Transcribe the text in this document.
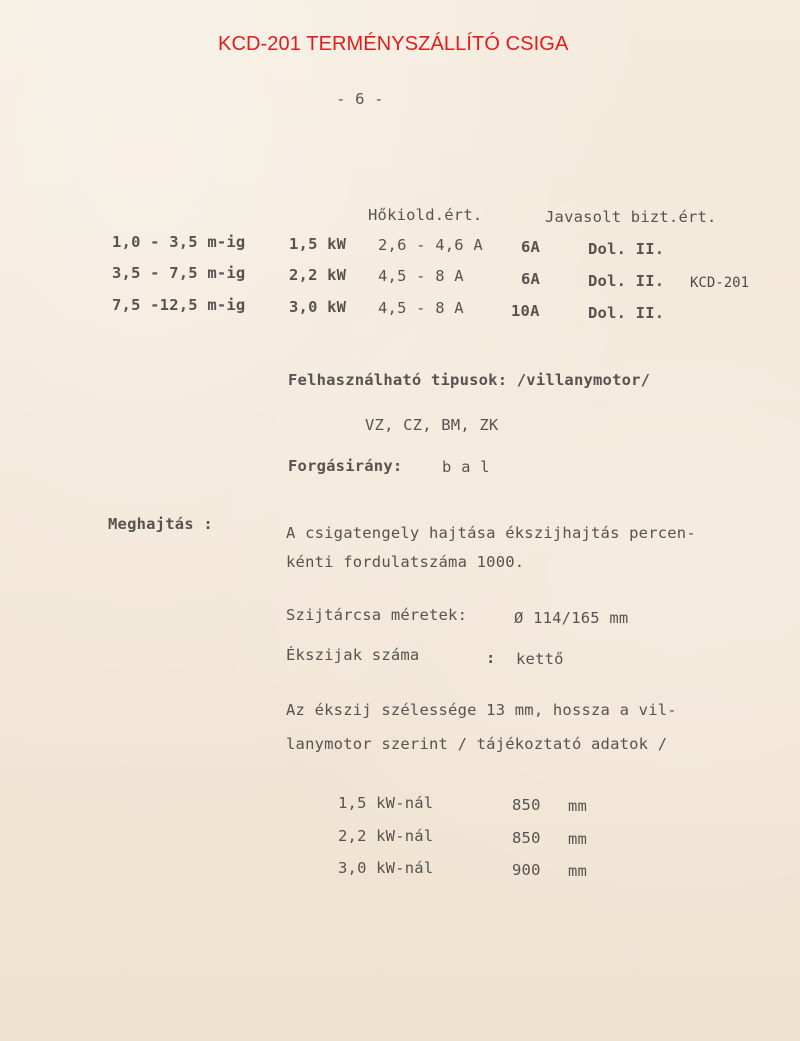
KCD-201 TERMÉNYSZÁLLÍTÓ CSIGA
- 6 -
Hőkiold.ért.	Javasolt bizt.ért.
1,0 - 3,5 m-ig	1,5 kW 2,6 - 4,6 A 6A	Dol. II.
3,5 - 7,5 m-ig	2,2 kW 4,5 - 8 A	6A	Dol. II. KCD-201
7,5 -12,5 m-ig	3,0 kW 4,5 - 8 A	10A	Dol. II.
Felhasználható tipusok: /villanymotor/
VZ, CZ, BM, ZK
Forgásirány:	b a l
Meghajtás :	A csigatengely hajtása ékszijhajtás percen-
kénti fordulatszáma 1000.
Szijtárcsa méretek:	Ø 114/165 mm
Ékszijak száma	: kettő
Az ékszij szélessége 13 mm, hossza a vil-
lanymotor szerint / tájékoztató adatok /
1,5 kW-nál	850 mm
2,2 kW-nál	850 mm
3,0 kW-nál	900 mm
